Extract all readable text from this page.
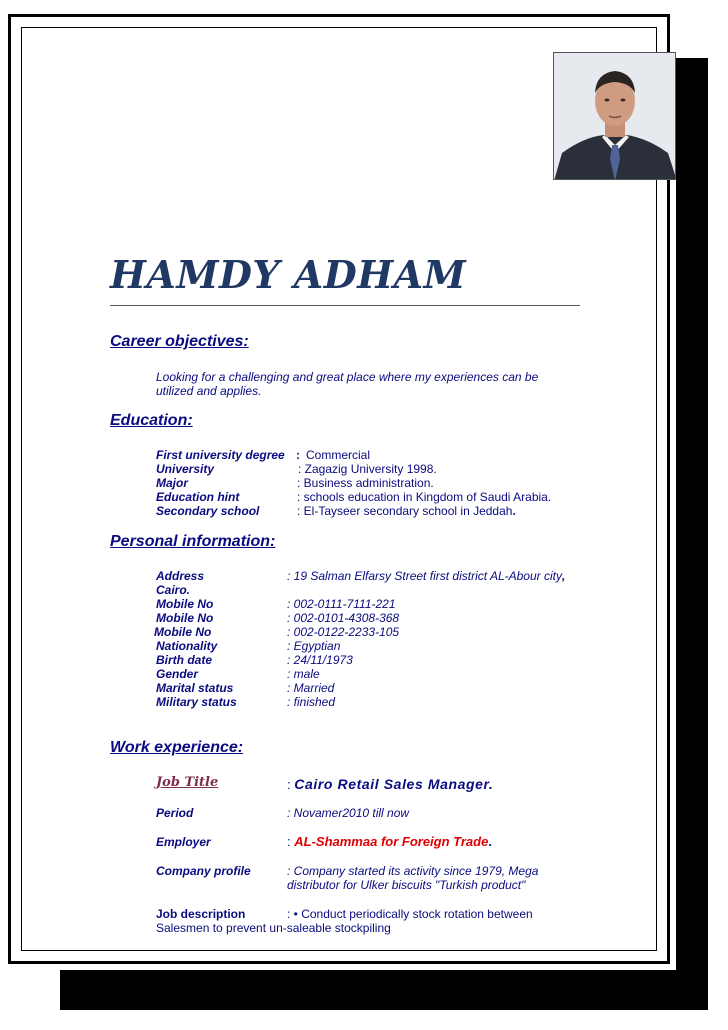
HAMDY ADHAM
Career objectives:
Looking for a challenging and great place where my experiences can be
utilized and applies.
Education:
First university degree : Commercial
University	: Zagazig University 1998.
Major	: Business administration.
Education hint	: schools education in Kingdom of Saudi Arabia.
Secondary school	: El-Tayseer secondary school in Jeddah.
Personal information:
Address	: 19 Salman Elfarsy Street first district AL-Abour city,
Cairo.
Mobile No	: 002-0111-7111-221
Mobile No	: 002-0101-4308-368
Mobile No	: 002-0122-2233-105
Nationality	: Egyptian
Birth date	: 24/11/1973
Gender	: male
Marital status	: Married
Military status	: finished
Work experience:
Job Title	: Cairo Retail Sales Manager.
Period	: Novamer2010 till now
Employer	: AL-Shammaa for Foreign Trade.
Company profile	: Company started its activity since 1979, Mega
distributor for Ulker biscuits "Turkish product"
Job description	: • Conduct periodically stock rotation between
Salesmen to prevent un-saleable stockpiling
